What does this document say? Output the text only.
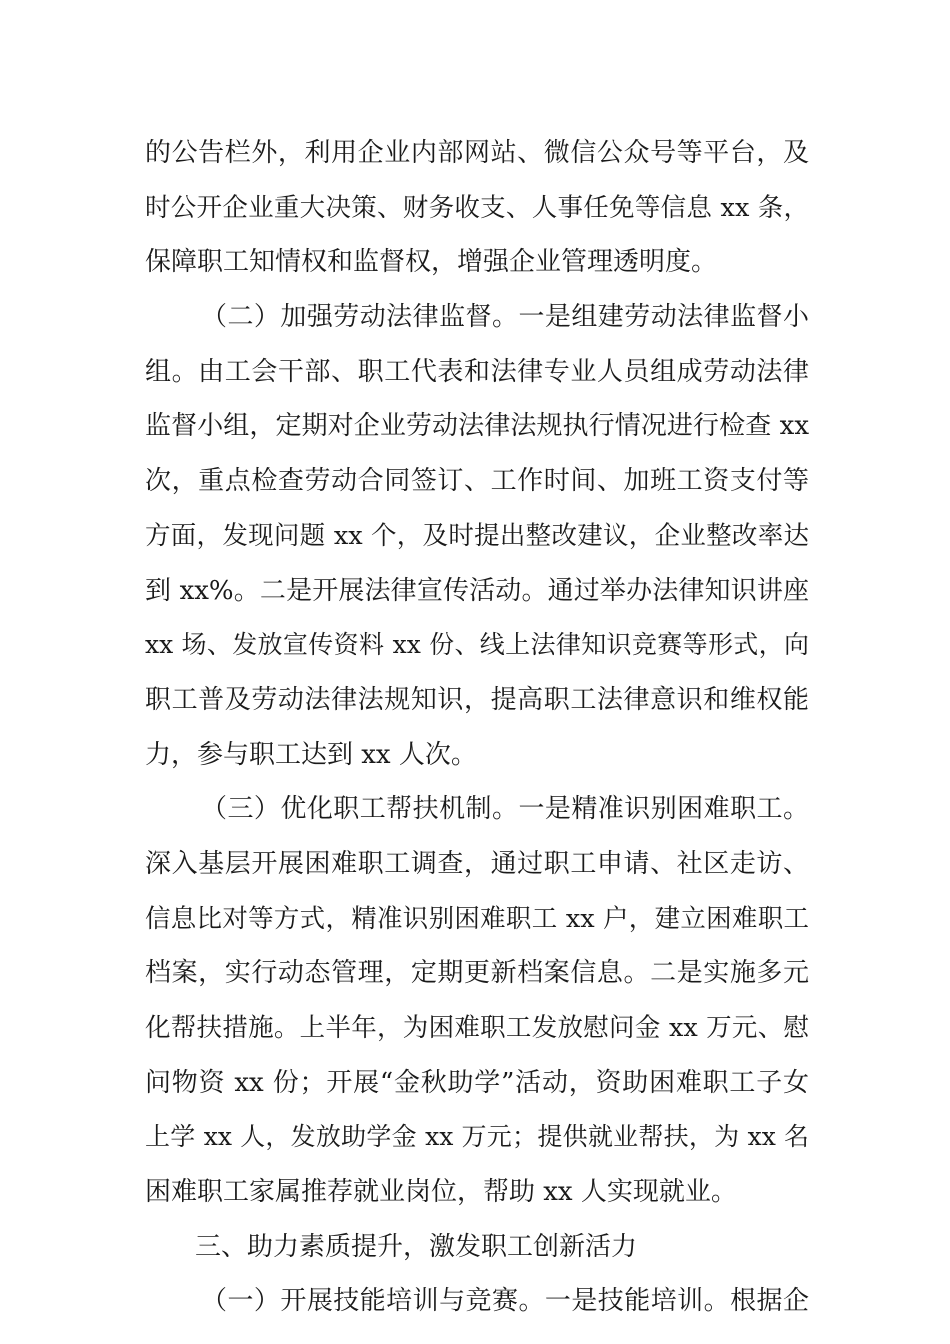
的公告栏外，利用企业内部网站、微信公众号等平台，及
时公开企业重大决策、财务收支、人事任免等信息 xx 条，
保障职工知情权和监督权，增强企业管理透明度。
（二）加强劳动法律监督。一是组建劳动法律监督小
组。由工会干部、职工代表和法律专业人员组成劳动法律
监督小组，定期对企业劳动法律法规执行情况进行检查 xx
次，重点检查劳动合同签订、工作时间、加班工资支付等
方面，发现问题 xx 个，及时提出整改建议，企业整改率达
到 xx%。二是开展法律宣传活动。通过举办法律知识讲座
xx 场、发放宣传资料 xx 份、线上法律知识竞赛等形式，向
职工普及劳动法律法规知识，提高职工法律意识和维权能
力，参与职工达到 xx 人次。
（三）优化职工帮扶机制。一是精准识别困难职工。
深入基层开展困难职工调查，通过职工申请、社区走访、
信息比对等方式，精准识别困难职工 xx 户，建立困难职工
档案，实行动态管理，定期更新档案信息。二是实施多元
化帮扶措施。上半年，为困难职工发放慰问金 xx 万元、慰
问物资 xx 份；开展“金秋助学”活动，资助困难职工子女
上学 xx 人，发放助学金 xx 万元；提供就业帮扶，为 xx 名
困难职工家属推荐就业岗位，帮助 xx 人实现就业。
三、助力素质提升，激发职工创新活力
（一）开展技能培训与竞赛。一是技能培训。根据企
